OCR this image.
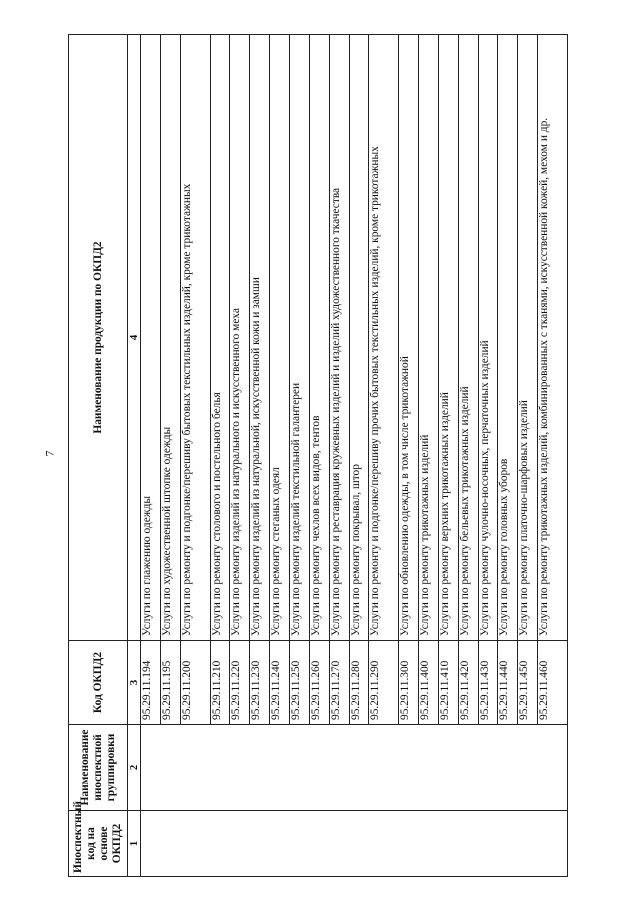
7
Иноспектный код на основе ОКПД2	Наименование иноспектной группировки	Код ОКПД2	Наименование продукции по ОКПД2
1	2	3	4
		95.29.11.194	Услуги по глажению одежды
		95.29.11.195	Услуги по художественной штопке одежды
		95.29.11.200	Услуги по ремонту и подгонке/перешиву бытовых текстильных изделий, кроме трикотажных
		95.29.11.210	Услуги по ремонту столового и постельного белья
		95.29.11.220	Услуги по ремонту изделий из натурального и искусственного меха
		95.29.11.230	Услуги по ремонту изделий из натуральной, искусственной кожи и замши
		95.29.11.240	Услуги по ремонту стеганых одеял
		95.29.11.250	Услуги по ремонту изделий текстильной галантереи
		95.29.11.260	Услуги по ремонту чехлов всех видов, тентов
		95.29.11.270	Услуги по ремонту и реставрация кружевных изделий и изделий художественного ткачества
		95.29.11.280	Услуги по ремонту покрывал, штор
		95.29.11.290	Услуги по ремонту и подгонке/перешиву прочих бытовых текстильных изделий, кроме трикотажных
		95.29.11.300	Услуги по обновлению одежды, в том числе трикотажной
		95.29.11.400	Услуги по ремонту трикотажных изделий
		95.29.11.410	Услуги по ремонту верхних трикотажных изделий
		95.29.11.420	Услуги по ремонту бельевых трикотажных изделий
		95.29.11.430	Услуги по ремонту чулочно-носочных, перчаточных изделий
		95.29.11.440	Услуги по ремонту головных уборов
		95.29.11.450	Услуги по ремонту платочно-шарфовых изделий
		95.29.11.460	Услуги по ремонту трикотажных изделий, комбинированных с тканями, искусственной кожей, мехом и др.
